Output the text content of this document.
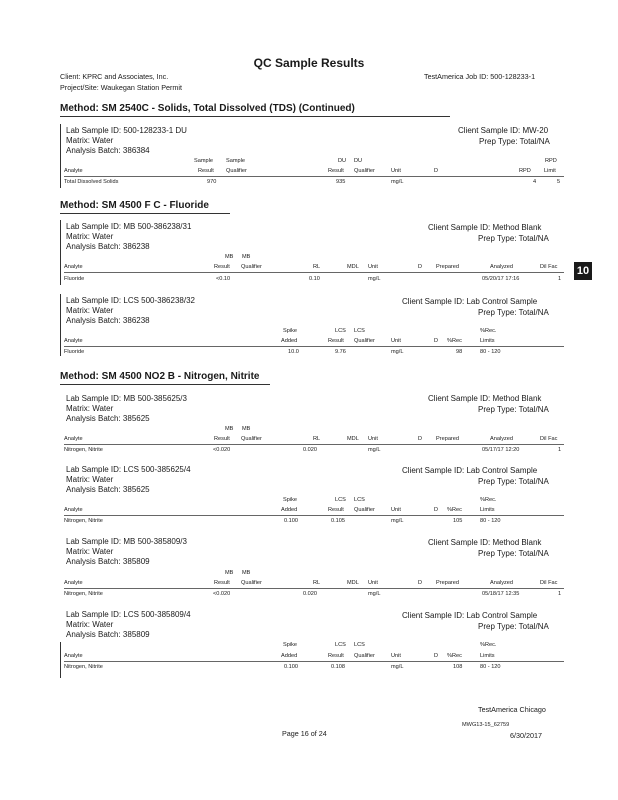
QC Sample Results
Client: KPRC and Associates, Inc.
Project/Site: Waukegan Station Permit
TestAmerica Job ID: 500-128233-1
10
Method: SM 2540C - Solids, Total Dissolved (TDS) (Continued)
Lab Sample ID: 500-128233-1 DU
Matrix: Water
Analysis Batch: 386384
Client Sample ID: MW-20
Prep Type: Total/NA
Sample Sample	DU DU	RPD
Analyte	Result Qualifier	Result Qualifier	Unit	D	RPD Limit
Total Dissolved Solids	970	935	mg/L	4	5
Method: SM 4500 F C - Fluoride
Lab Sample ID: MB 500-386238/31
Matrix: Water
Analysis Batch: 386238
Client Sample ID: Method Blank
Prep Type: Total/NA
MB MB
Analyte	Result Qualifier	RL	MDL Unit	D Prepared	Analyzed	Dil Fac
Fluoride	<0.10	0.10	mg/L	05/20/17 17:16	1
Lab Sample ID: LCS 500-386238/32
Matrix: Water
Analysis Batch: 386238
Client Sample ID: Lab Control Sample
Prep Type: Total/NA
Spike	LCS LCS	%Rec.
Analyte	Added	Result Qualifier	Unit	D %Rec	Limits
Fluoride	10.0	9.76	mg/L	98	80 - 120
Method: SM 4500 NO2 B - Nitrogen, Nitrite
Lab Sample ID: MB 500-385625/3
Matrix: Water
Analysis Batch: 385625
Client Sample ID: Method Blank
Prep Type: Total/NA
MB MB
Analyte	Result Qualifier	RL	MDL Unit	D Prepared	Analyzed	Dil Fac
Nitrogen, Nitrite	<0.020	0.020	mg/L	05/17/17 12:20	1
Lab Sample ID: LCS 500-385625/4
Matrix: Water
Analysis Batch: 385625
Client Sample ID: Lab Control Sample
Prep Type: Total/NA
Spike	LCS LCS	%Rec.
Analyte	Added	Result Qualifier	Unit	D %Rec	Limits
Nitrogen, Nitrite	0.100	0.105	mg/L	105	80 - 120
Lab Sample ID: MB 500-385809/3
Matrix: Water
Analysis Batch: 385809
Client Sample ID: Method Blank
Prep Type: Total/NA
MB MB
Analyte	Result Qualifier	RL	MDL Unit	D Prepared	Analyzed	Dil Fac
Nitrogen, Nitrite	<0.020	0.020	mg/L	05/18/17 12:35	1
Lab Sample ID: LCS 500-385809/4
Matrix: Water
Analysis Batch: 385809
Client Sample ID: Lab Control Sample
Prep Type: Total/NA
Spike	LCS LCS	%Rec.
Analyte	Added	Result Qualifier	Unit	D %Rec	Limits
Nitrogen, Nitrite	0.100	0.108	mg/L	108	80 - 120
TestAmerica Chicago
MWG13-15_62759
Page 16 of 24	6/30/2017
